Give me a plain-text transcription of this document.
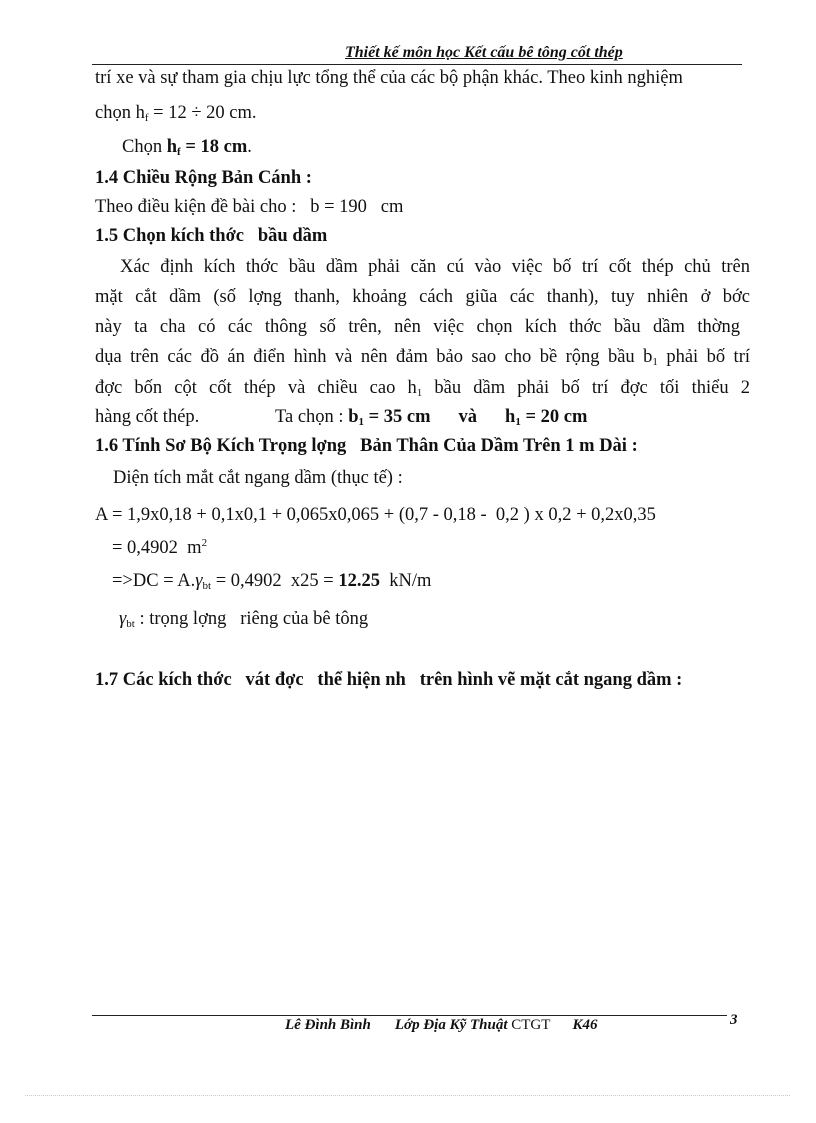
Thiết kế môn học Kết cấu bê tông cốt thép
trí xe và sự tham gia chịu lực tổng thể của các bộ phận khác. Theo kinh nghiệm
chọn $h_f = 12 \div 20$ cm.
Chọn $h_f = 18$ cm.
1.4 Chiều Rộng Bản Cánh :
Theo điều kiện đề bài cho :   b = 190   cm
1.5 Chọn kích thớc   bầu dầm
Xác định kích thớc bầu dầm phải căn cú vào việc bố trí cốt thép chủ trên
mặt cắt dầm (số lợng thanh, khoảng cách giũa các thanh), tuy nhiên ở bớc
này ta cha có các thông số trên, nên việc chọn kích thớc bầu dầm thờng
dụa trên các đồ án điển hình và nên đảm bảo sao cho bề rộng bầu $b_1$ phải bố trí
đợc bốn cột cốt thép và chiều cao $h_1$ bầu dầm phải bố trí đợc tối thiểu 2
hàng cốt thép.	Ta chọn : $b_1 = 35$ cm và $h_1 = 20$ cm
1.6 Tính Sơ Bộ Kích Trọng lợng   Bản Thân Của Dầm Trên 1 m Dài :
Diện tích mắt cắt ngang dầm (thục tế) :
A = 1,9x0,18 + 0,1x0,1 + 0,065x0,065 + (0,7 - 0,18 -  0,2 ) x 0,2 + 0,2x0,35
= 0,4902  $m^2$
$=>DC = A.\gamma_{bt} = 0,4902$  x25 = 12.25  kN/m
$\gamma_{bt}$ : trọng lợng   riêng của bê tông
1.7 Các kích thớc   vát đợc   thể hiện nh   trên hình vẽ mặt cắt ngang dầm :
Lê Đình Bình Lớp Địa Kỹ Thuật CTGT K46	3
